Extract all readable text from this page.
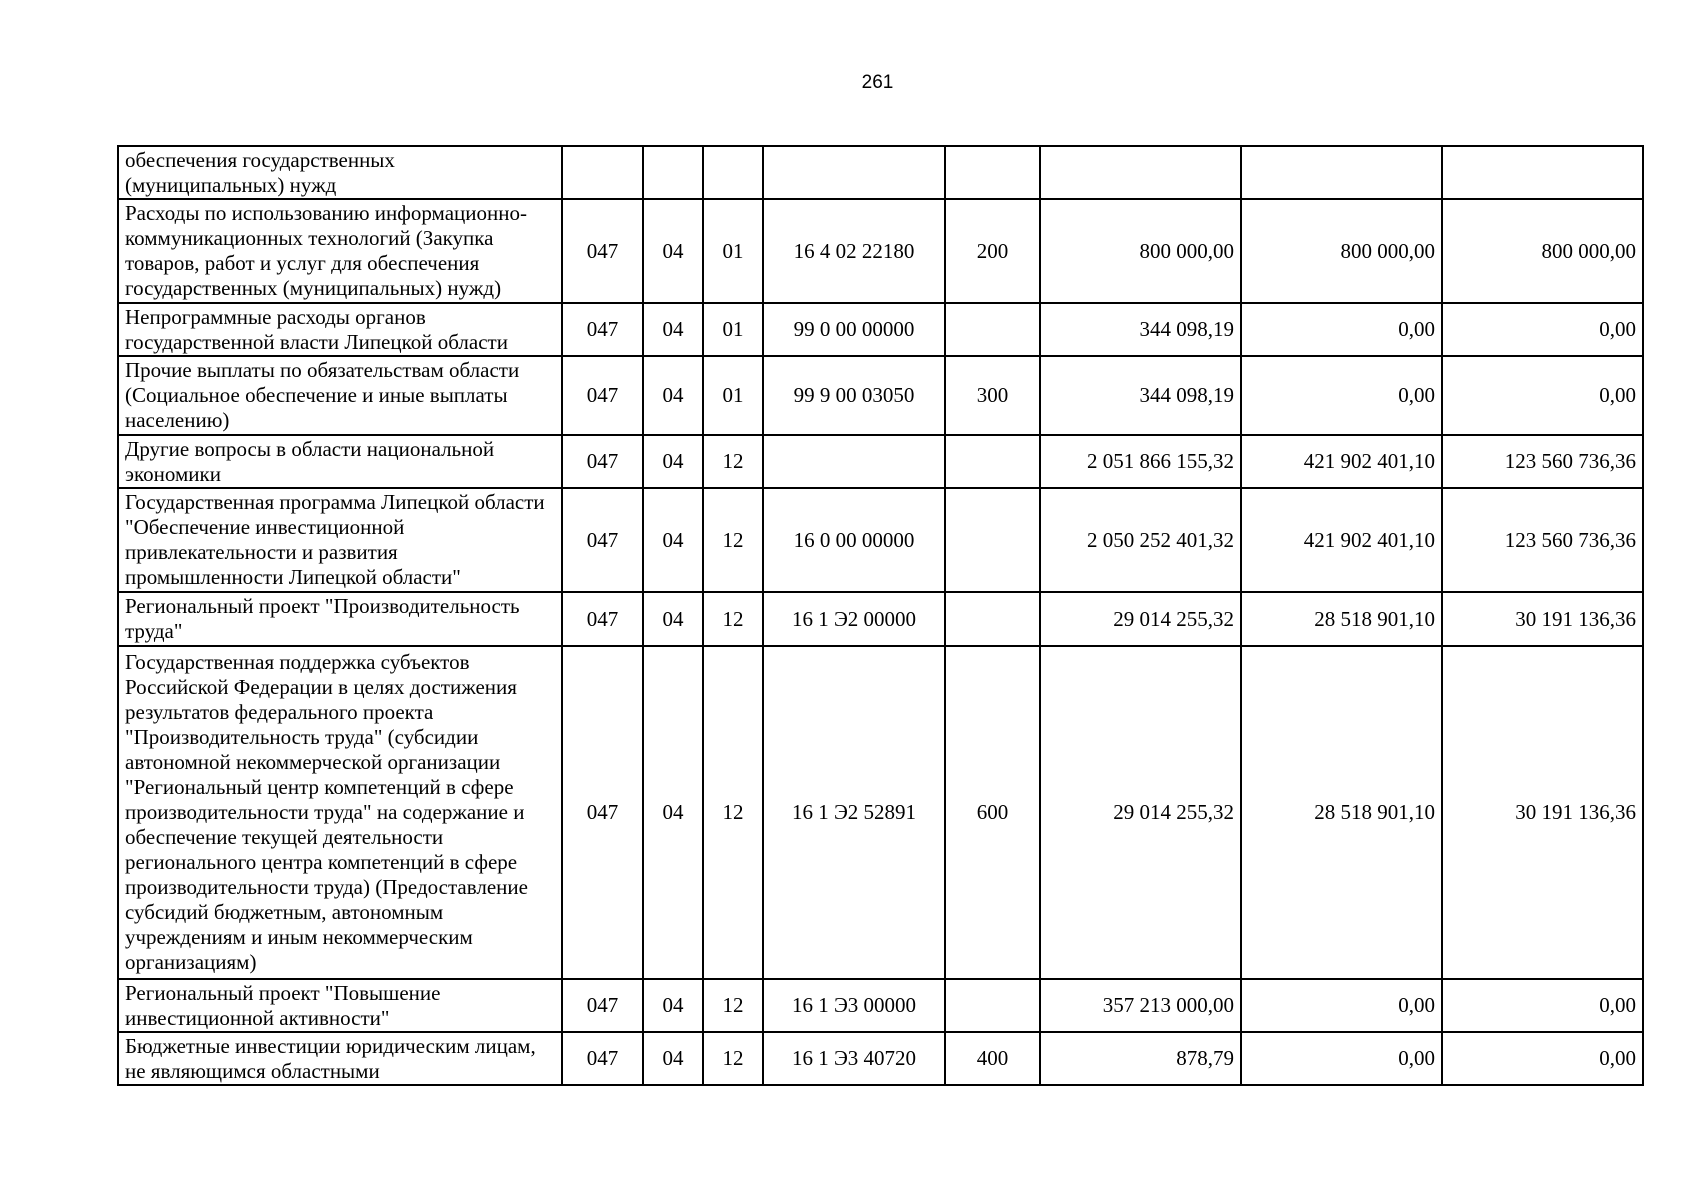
261
обеспечения государственных (муниципальных) нужд								
Расходы по использованию информационно-коммуникационных технологий (Закупка товаров, работ и услуг для обеспечения государственных (муниципальных) нужд)	047	04	01	16 4 02 22180	200	800 000,00	800 000,00	800 000,00
Непрограммные расходы органов государственной власти Липецкой области	047	04	01	99 0 00 00000		344 098,19	0,00	0,00
Прочие выплаты по обязательствам области (Социальное обеспечение и иные выплаты населению)	047	04	01	99 9 00 03050	300	344 098,19	0,00	0,00
Другие вопросы в области национальной экономики	047	04	12			2 051 866 155,32	421 902 401,10	123 560 736,36
Государственная программа Липецкой области "Обеспечение инвестиционной привлекательности и развития промышленности Липецкой области"	047	04	12	16 0 00 00000		2 050 252 401,32	421 902 401,10	123 560 736,36
Региональный проект "Производительность труда"	047	04	12	16 1 Э2 00000		29 014 255,32	28 518 901,10	30 191 136,36
Государственная поддержка субъектов Российской Федерации в целях достижения результатов федерального проекта "Производительность труда" (субсидии автономной некоммерческой организации "Региональный центр компетенций в сфере производительности труда" на содержание и обеспечение текущей деятельности регионального центра компетенций в сфере производительности труда) (Предоставление субсидий бюджетным, автономным учреждениям и иным некоммерческим организациям)	047	04	12	16 1 Э2 52891	600	29 014 255,32	28 518 901,10	30 191 136,36
Региональный проект "Повышение инвестиционной активности"	047	04	12	16 1 Э3 00000		357 213 000,00	0,00	0,00
Бюджетные инвестиции юридическим лицам, не являющимся областными	047	04	12	16 1 Э3 40720	400	878,79	0,00	0,00
